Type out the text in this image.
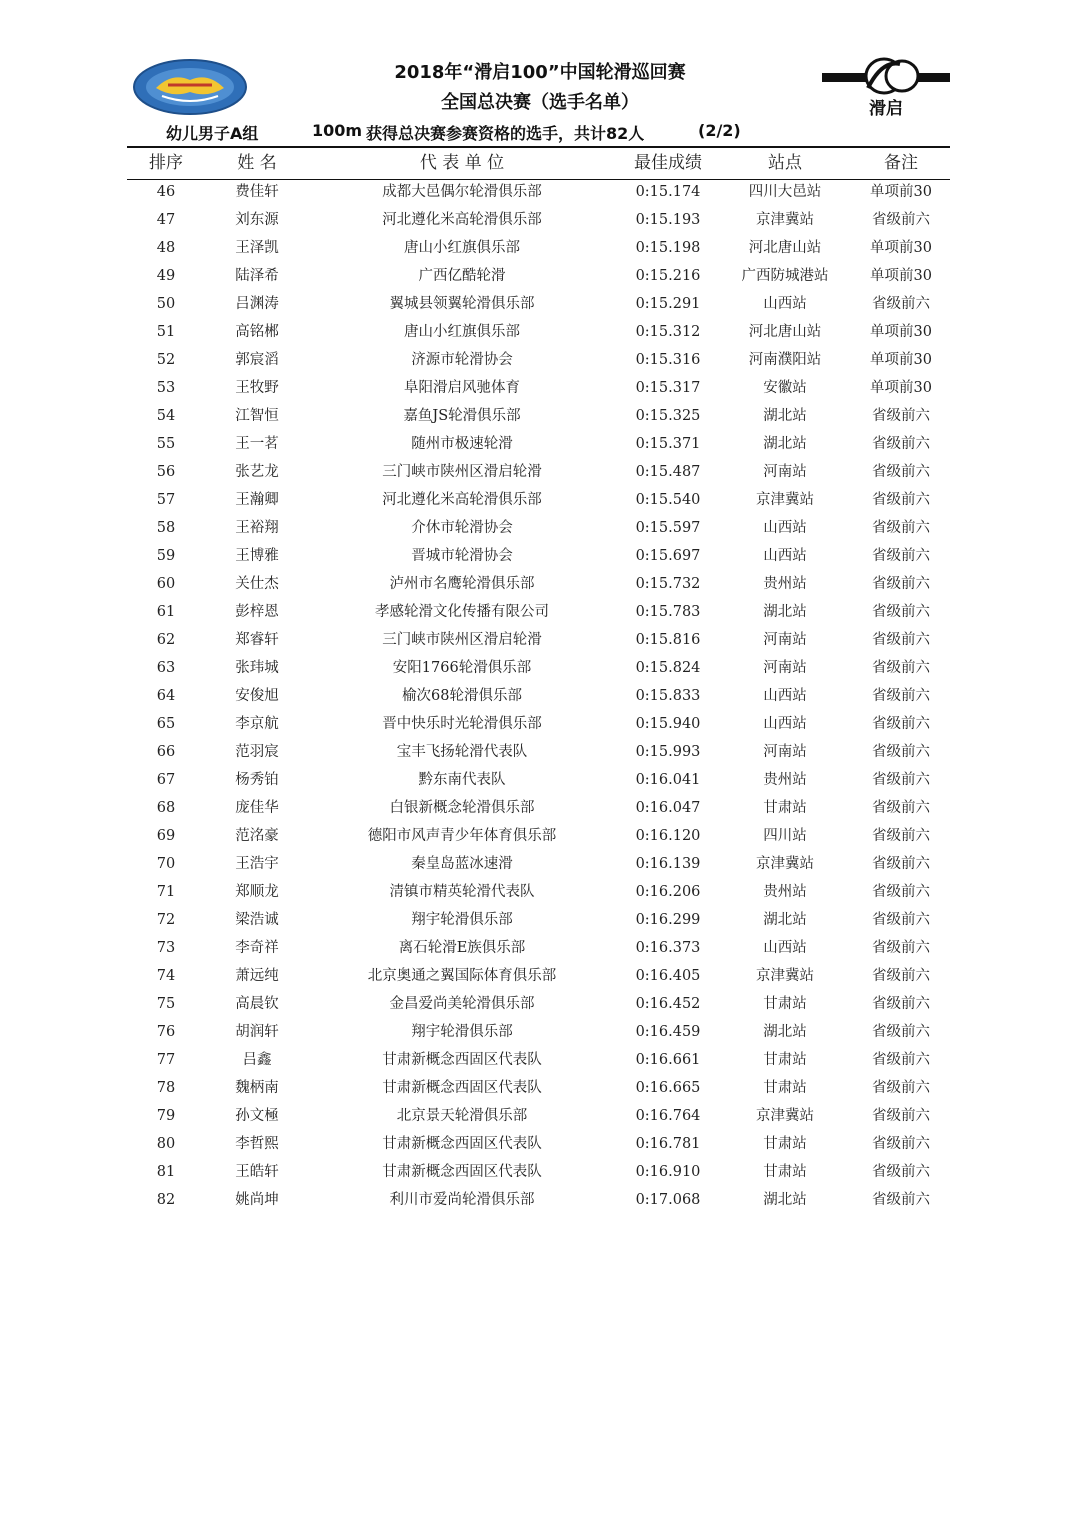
滑启
2018年“滑启100”中国轮滑巡回赛
全国总决赛（选手名单）
幼儿男子A组	100m 获得总决赛参赛资格的选手，共计82人	(2/2)
排序	姓 名	代 表 单 位	最佳成绩	站点	备注
46	费佳轩	成都大邑偶尔轮滑俱乐部	0:15.174	四川大邑站	单项前30
47	刘东源	河北遵化米高轮滑俱乐部	0:15.193	京津冀站	省级前六
48	王泽凯	唐山小红旗俱乐部	0:15.198	河北唐山站	单项前30
49	陆泽希	广西亿酷轮滑	0:15.216	广西防城港站	单项前30
50	吕渊涛	翼城县领翼轮滑俱乐部	0:15.291	山西站	省级前六
51	高铭郴	唐山小红旗俱乐部	0:15.312	河北唐山站	单项前30
52	郭宸滔	济源市轮滑协会	0:15.316	河南濮阳站	单项前30
53	王牧野	阜阳滑启风驰体育	0:15.317	安徽站	单项前30
54	江智恒	嘉鱼JS轮滑俱乐部	0:15.325	湖北站	省级前六
55	王一茗	随州市极速轮滑	0:15.371	湖北站	省级前六
56	张艺龙	三门峡市陕州区滑启轮滑	0:15.487	河南站	省级前六
57	王瀚卿	河北遵化米高轮滑俱乐部	0:15.540	京津冀站	省级前六
58	王裕翔	介休市轮滑协会	0:15.597	山西站	省级前六
59	王博雅	晋城市轮滑协会	0:15.697	山西站	省级前六
60	关仕杰	泸州市名鹰轮滑俱乐部	0:15.732	贵州站	省级前六
61	彭梓恩	孝感轮滑文化传播有限公司	0:15.783	湖北站	省级前六
62	郑睿轩	三门峡市陕州区滑启轮滑	0:15.816	河南站	省级前六
63	张玮城	安阳1766轮滑俱乐部	0:15.824	河南站	省级前六
64	安俊旭	榆次68轮滑俱乐部	0:15.833	山西站	省级前六
65	李京航	晋中快乐时光轮滑俱乐部	0:15.940	山西站	省级前六
66	范羽宸	宝丰飞扬轮滑代表队	0:15.993	河南站	省级前六
67	杨秀铂	黔东南代表队	0:16.041	贵州站	省级前六
68	庞佳华	白银新概念轮滑俱乐部	0:16.047	甘肃站	省级前六
69	范洺豪	德阳市风声青少年体育俱乐部	0:16.120	四川站	省级前六
70	王浩宇	秦皇岛蓝冰速滑	0:16.139	京津冀站	省级前六
71	郑顺龙	清镇市精英轮滑代表队	0:16.206	贵州站	省级前六
72	梁浩诚	翔宇轮滑俱乐部	0:16.299	湖北站	省级前六
73	李奇祥	离石轮滑E族俱乐部	0:16.373	山西站	省级前六
74	萧远纯	北京奥通之翼国际体育俱乐部	0:16.405	京津冀站	省级前六
75	高晨钦	金昌爱尚美轮滑俱乐部	0:16.452	甘肃站	省级前六
76	胡润轩	翔宇轮滑俱乐部	0:16.459	湖北站	省级前六
77	吕鑫	甘肃新概念西固区代表队	0:16.661	甘肃站	省级前六
78	魏柄南	甘肃新概念西固区代表队	0:16.665	甘肃站	省级前六
79	孙文極	北京景天轮滑俱乐部	0:16.764	京津冀站	省级前六
80	李哲熙	甘肃新概念西固区代表队	0:16.781	甘肃站	省级前六
81	王皓轩	甘肃新概念西固区代表队	0:16.910	甘肃站	省级前六
82	姚尚坤	利川市爱尚轮滑俱乐部	0:17.068	湖北站	省级前六
